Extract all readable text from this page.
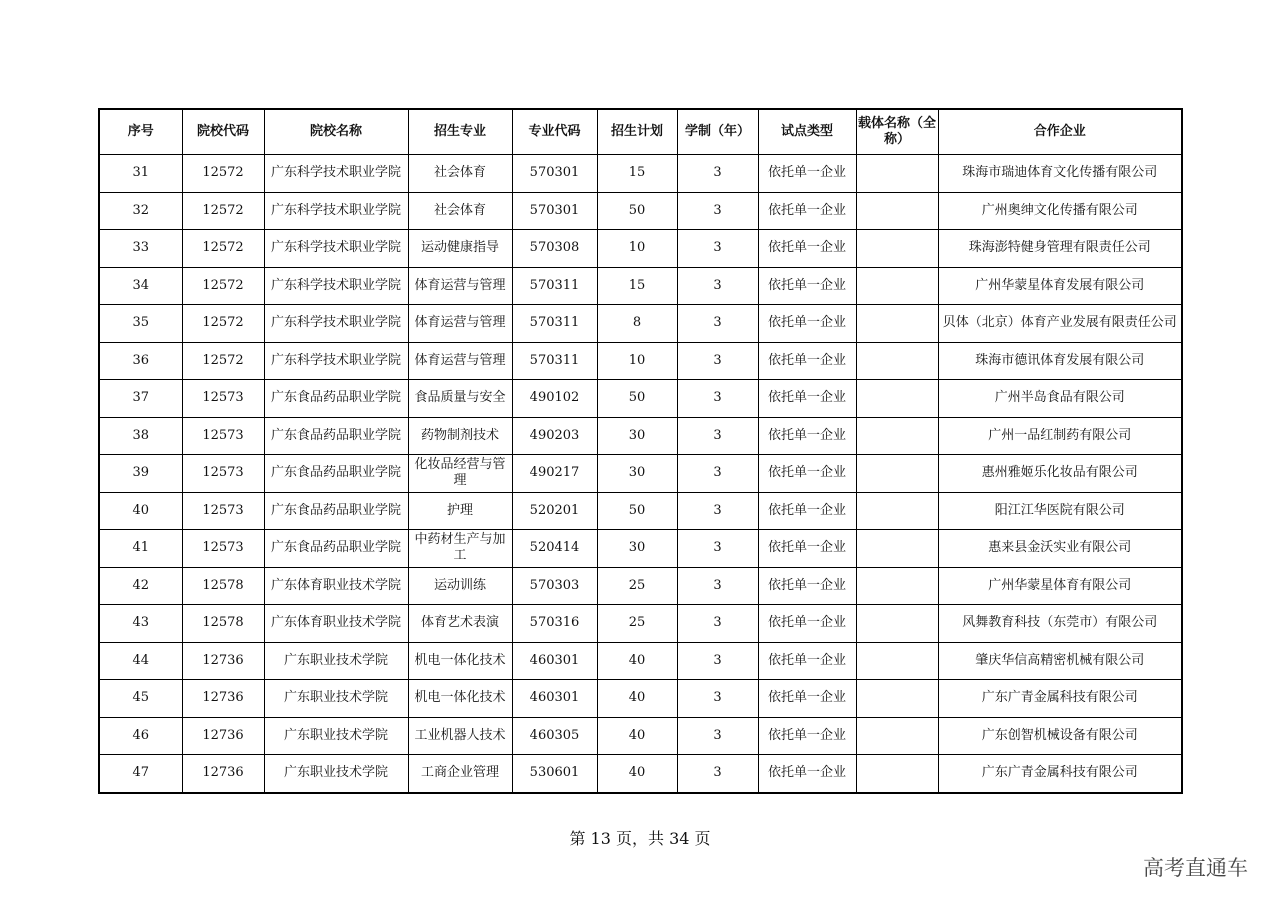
序号	院校代码	院校名称	招生专业	专业代码	招生计划	学制（年）	试点类型	载体名称（全称）	合作企业
31	12572	广东科学技术职业学院	社会体育	570301	15	3	依托单一企业		珠海市瑞迪体育文化传播有限公司
32	12572	广东科学技术职业学院	社会体育	570301	50	3	依托单一企业		广州奥绅文化传播有限公司
33	12572	广东科学技术职业学院	运动健康指导	570308	10	3	依托单一企业		珠海澎特健身管理有限责任公司
34	12572	广东科学技术职业学院	体育运营与管理	570311	15	3	依托单一企业		广州华蒙星体育发展有限公司
35	12572	广东科学技术职业学院	体育运营与管理	570311	8	3	依托单一企业		贝体（北京）体育产业发展有限责任公司
36	12572	广东科学技术职业学院	体育运营与管理	570311	10	3	依托单一企业		珠海市德讯体育发展有限公司
37	12573	广东食品药品职业学院	食品质量与安全	490102	50	3	依托单一企业		广州半岛食品有限公司
38	12573	广东食品药品职业学院	药物制剂技术	490203	30	3	依托单一企业		广州一品红制药有限公司
39	12573	广东食品药品职业学院	化妆品经营与管理	490217	30	3	依托单一企业		惠州雅姬乐化妆品有限公司
40	12573	广东食品药品职业学院	护理	520201	50	3	依托单一企业		阳江江华医院有限公司
41	12573	广东食品药品职业学院	中药材生产与加工	520414	30	3	依托单一企业		惠来县金沃实业有限公司
42	12578	广东体育职业技术学院	运动训练	570303	25	3	依托单一企业		广州华蒙星体育有限公司
43	12578	广东体育职业技术学院	体育艺术表演	570316	25	3	依托单一企业		风舞教育科技（东莞市）有限公司
44	12736	广东职业技术学院	机电一体化技术	460301	40	3	依托单一企业		肇庆华信高精密机械有限公司
45	12736	广东职业技术学院	机电一体化技术	460301	40	3	依托单一企业		广东广青金属科技有限公司
46	12736	广东职业技术学院	工业机器人技术	460305	40	3	依托单一企业		广东创智机械设备有限公司
47	12736	广东职业技术学院	工商企业管理	530601	40	3	依托单一企业		广东广青金属科技有限公司
第 13 页，共 34 页
高考直通车
